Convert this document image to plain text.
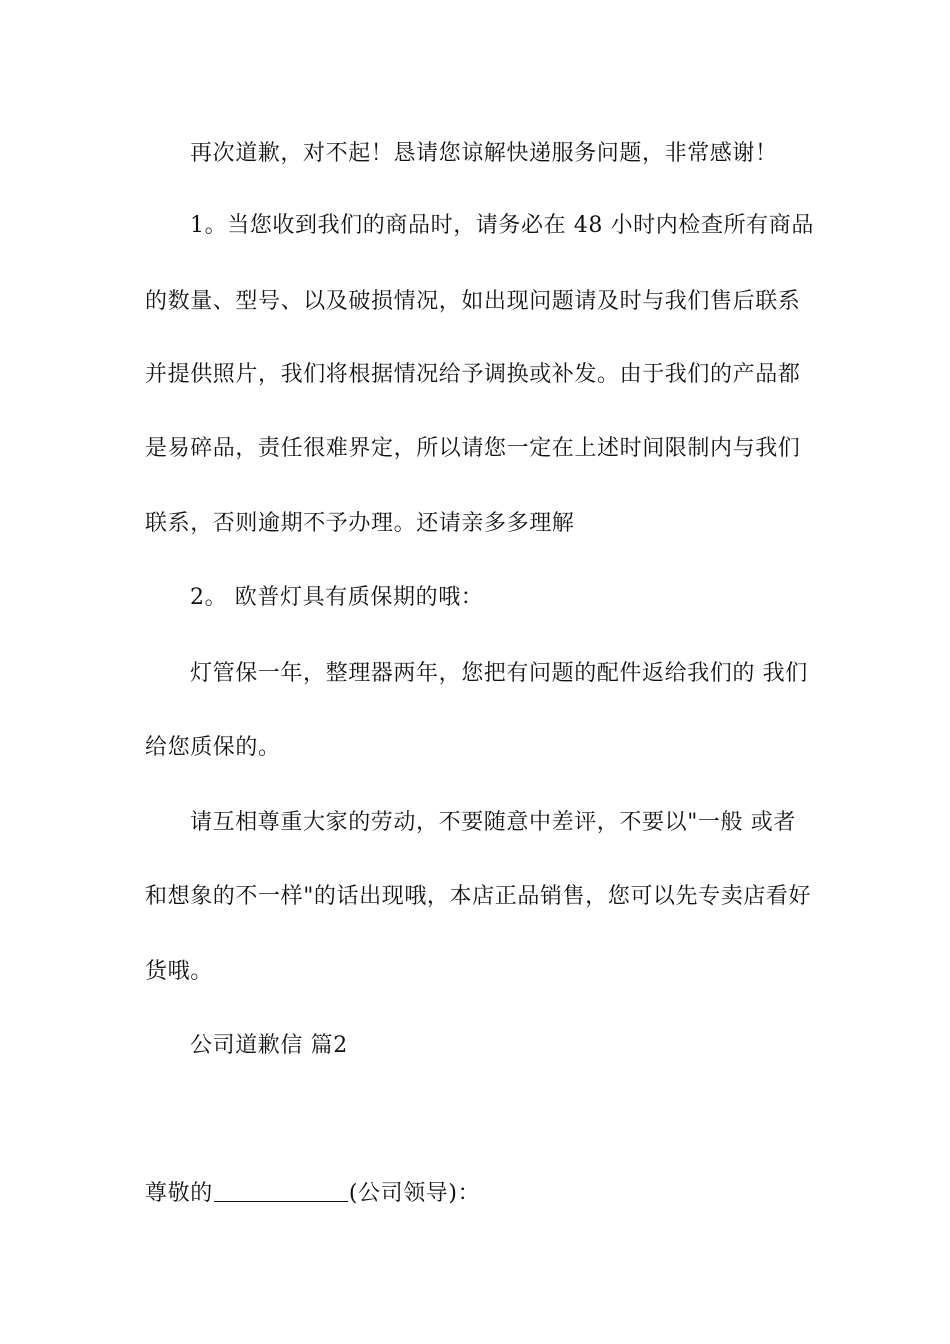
再次道歉，对不起！恳请您谅解快递服务问题，非常感谢！
1。当您收到我们的商品时，请务必在 48 小时内检查所有商品
的数量、型号、以及破损情况，如出现问题请及时与我们售后联系
并提供照片，我们将根据情况给予调换或补发。由于我们的产品都
是易碎品，责任很难界定，所以请您一定在上述时间限制内与我们
联系，否则逾期不予办理。还请亲多多理解
2。 欧普灯具有质保期的哦：
灯管保一年，整理器两年，您把有问题的配件返给我们的 我们
给您质保的。
请互相尊重大家的劳动，不要随意中差评，不要以"一般 或者
和想象的不一样"的话出现哦，本店正品销售，您可以先专卖店看好
货哦。
公司道歉信 篇2
尊敬的	(公司领导)：
